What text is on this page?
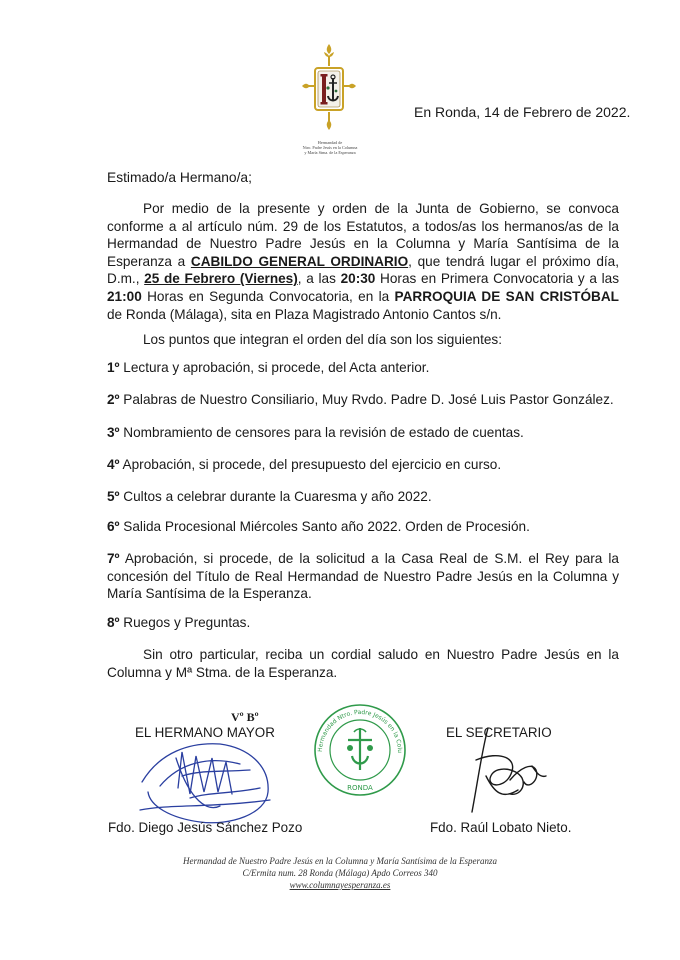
Hermandad de
Ntro. Padre Jesús en la Columna
y María Stma. de la Esperanza
En Ronda, 14 de Febrero de 2022.
Estimado/a Hermano/a;
Por medio de la presente y orden de la Junta de Gobierno, se convoca conforme a al artículo núm. 29 de los Estatutos, a todos/as los hermanos/as de la Hermandad de Nuestro Padre Jesús en la Columna y María Santísima de la Esperanza a CABILDO GENERAL ORDINARIO, que tendrá lugar el próximo día, D.m., 25 de Febrero (Viernes), a las 20:30 Horas en Primera Convocatoria y a las 21:00 Horas en Segunda Convocatoria, en la PARROQUIA DE SAN CRISTÓBAL de Ronda (Málaga), sita en Plaza Magistrado Antonio Cantos s/n.
Los puntos que integran el orden del día son los siguientes:
1º Lectura y aprobación, si procede, del Acta anterior.
2º Palabras de Nuestro Consiliario, Muy Rvdo. Padre D. José Luis Pastor González.
3º Nombramiento de censores para la revisión de estado de cuentas.
4º Aprobación, si procede, del presupuesto del ejercicio en curso.
5º Cultos a celebrar durante la Cuaresma y año 2022.
6º Salida Procesional Miércoles Santo año 2022. Orden de Procesión.
7º Aprobación, si procede, de la solicitud a la Casa Real de S.M. el Rey para la concesión del Título de Real Hermandad de Nuestro Padre Jesús en la Columna y María Santísima de la Esperanza.
8º Ruegos y Preguntas.
Sin otro particular, reciba un cordial saludo en Nuestro Padre Jesús en la Columna y Mª Stma. de la Esperanza.
Vº Bº
EL HERMANO MAYOR	EL SECRETARIO
Hermandad Ntro. Padre Jesús en la Columna y María Stma. de la Esperanza
RONDA
Fdo. Diego Jesús Sánchez Pozo	Fdo. Raúl Lobato Nieto.
Hermandad de Nuestro Padre Jesús en la Columna y María Santísima de la Esperanza
C/Ermita num. 28 Ronda (Málaga) Apdo Correos 340
www.columnayesperanza.es
